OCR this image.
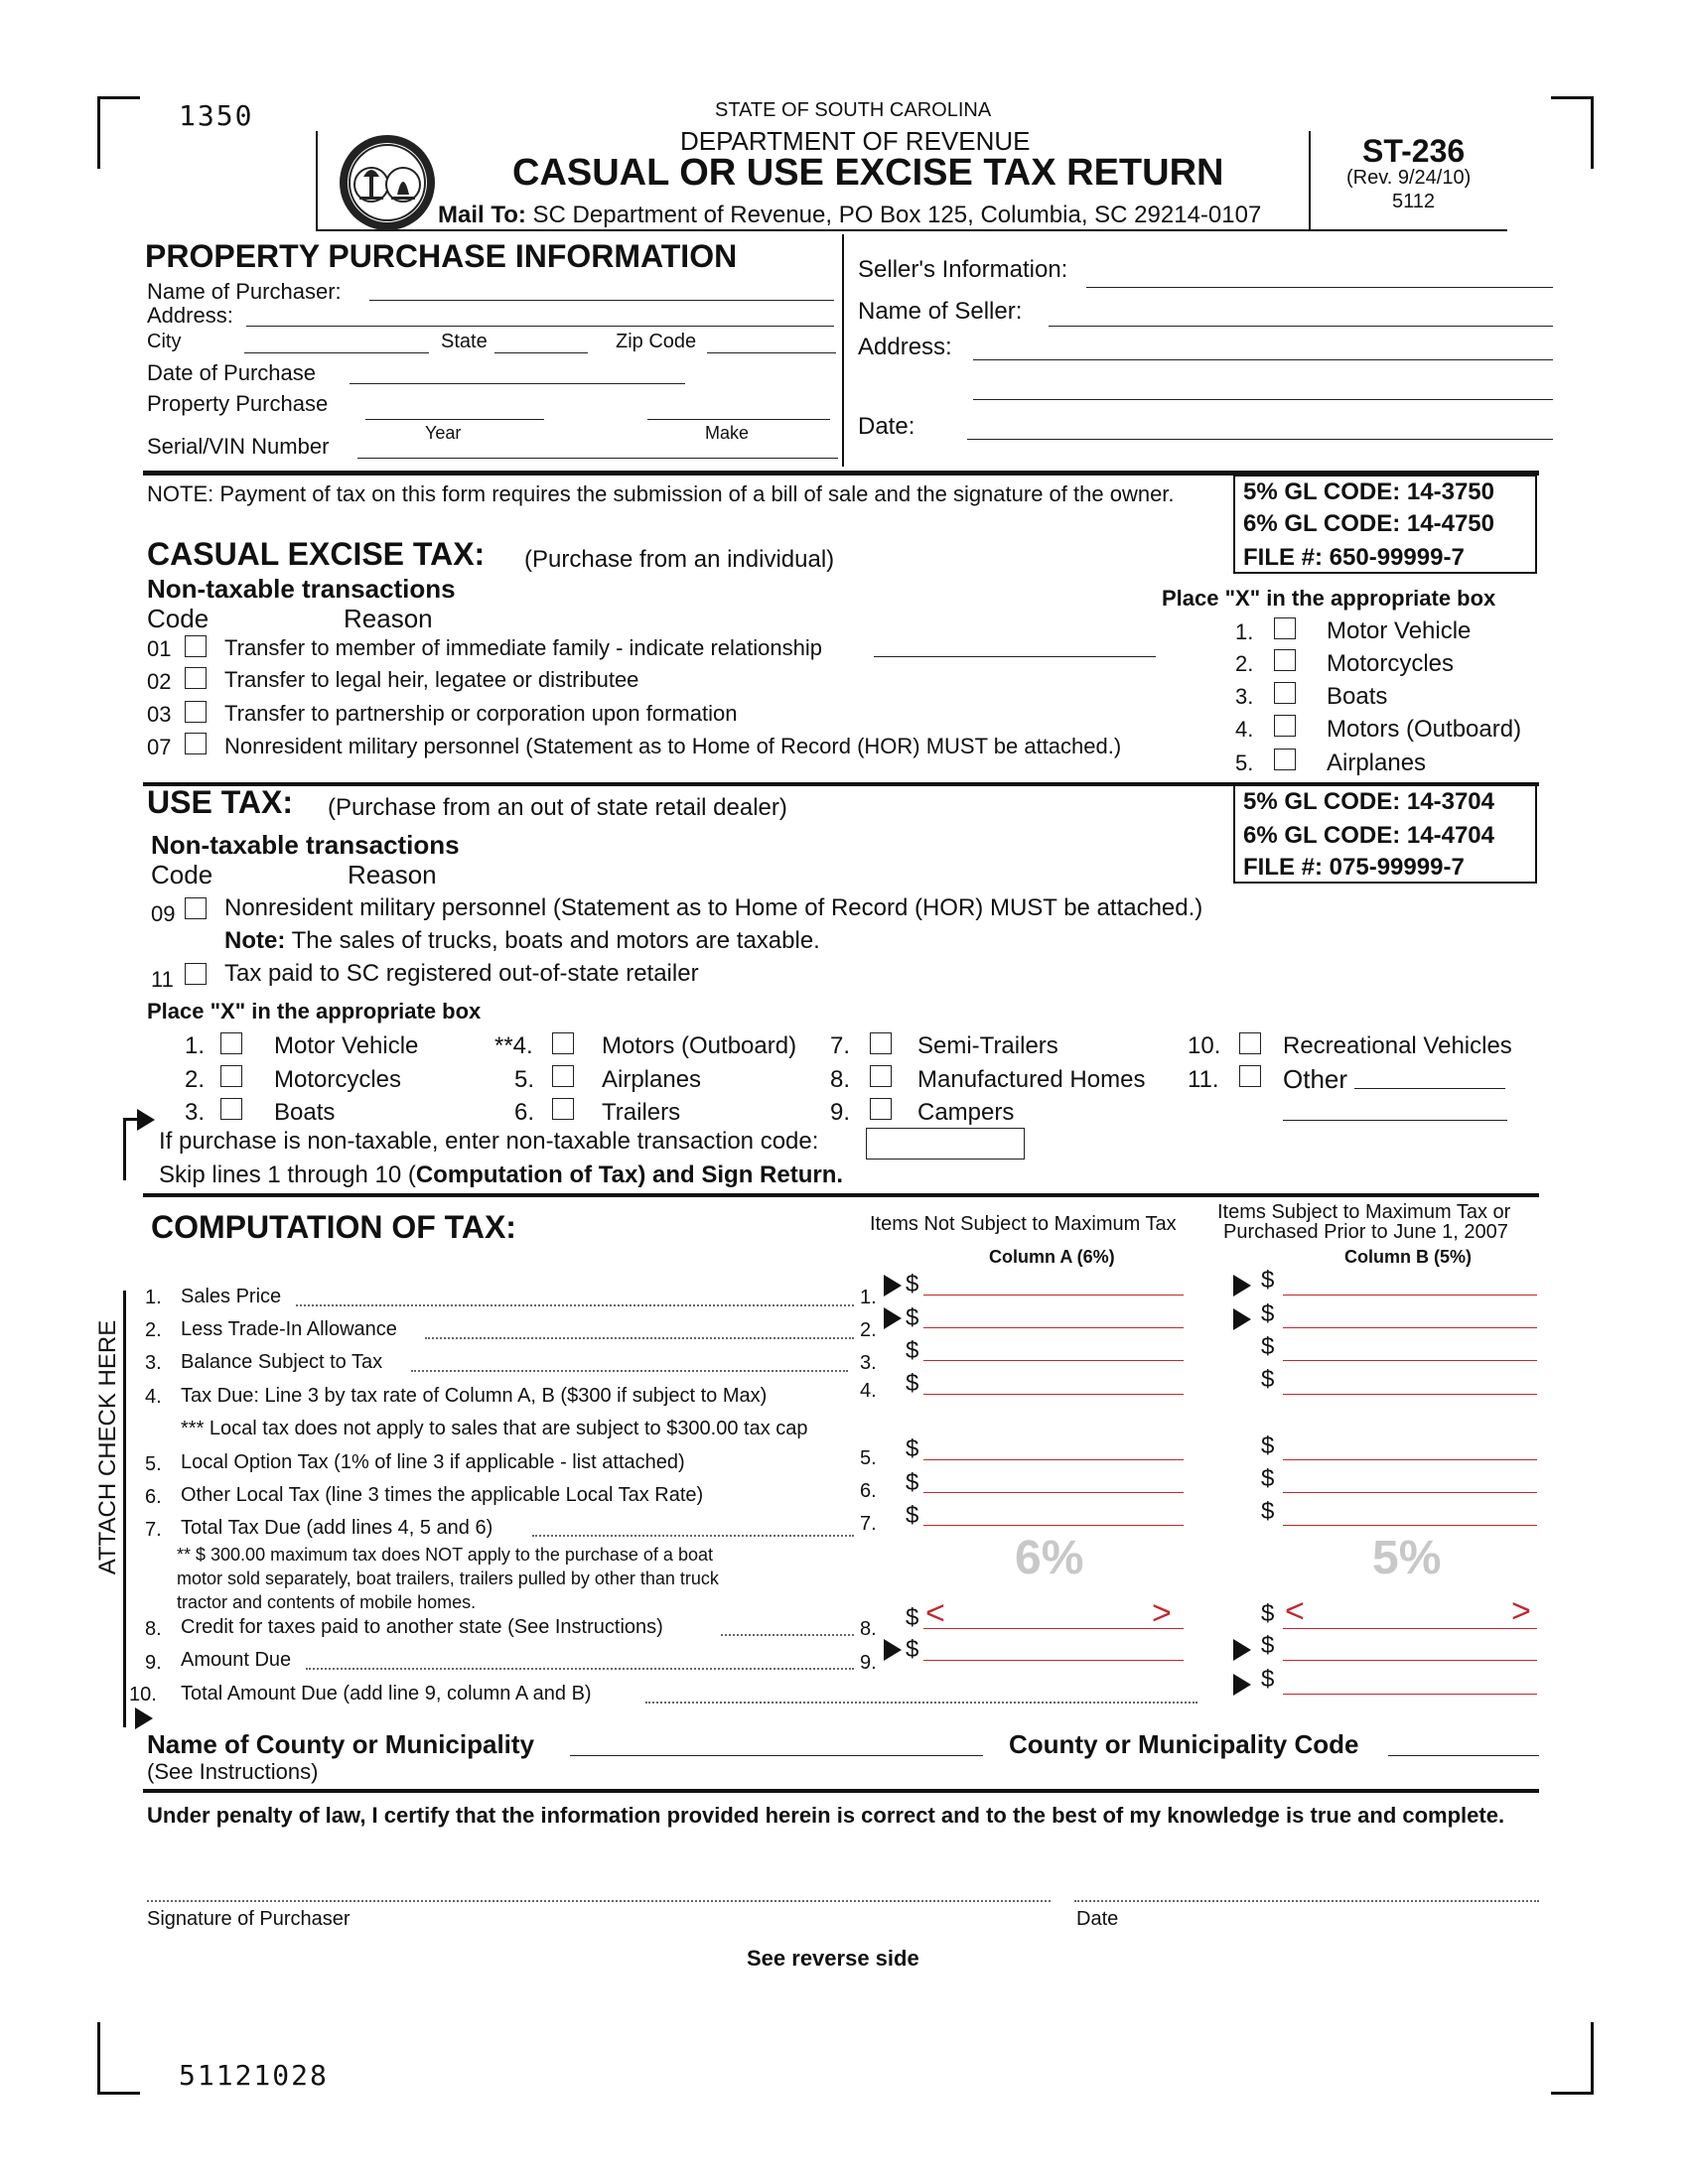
1350	STATE OF SOUTH CAROLINA
DEPARTMENT OF REVENUE
CASUAL OR USE EXCISE TAX RETURN
Mail To: SC Department of Revenue, PO Box 125, Columbia, SC 29214-0107
ST-236
(Rev. 9/24/10)
5112
PROPERTY PURCHASE INFORMATION
Name of Purchaser:
Address:
City	State	Zip Code
Date of Purchase
Property Purchase
Year	Make
Serial/VIN Number
Seller's Information:
Name of Seller:
Address:
Date:
NOTE: Payment of tax on this form requires the submission of a bill of sale and the signature of the owner.	5% GL CODE: 14-3750
6% GL CODE: 14-4750
FILE #: 650-99999-7
CASUAL EXCISE TAX: (Purchase from an individual)
Non-taxable transactions
Code	Reason
01 Transfer to member of immediate family - indicate relationship
02 Transfer to legal heir, legatee or distributee
03 Transfer to partnership or corporation upon formation
07 Nonresident military personnel (Statement as to Home of Record (HOR) MUST be attached.)
Place "X" in the appropriate box
1.	Motor Vehicle
2.	Motorcycles
3.	Boats
4.	Motors (Outboard)
5.	Airplanes
USE TAX: (Purchase from an out of state retail dealer)	5% GL CODE: 14-3704
6% GL CODE: 14-4704
FILE #: 075-99999-7
Non-taxable transactions
Code	Reason
09 Nonresident military personnel (Statement as to Home of Record (HOR) MUST be attached.)
Note: The sales of trucks, boats and motors are taxable.
11 Tax paid to SC registered out-of-state retailer
Place "X" in the appropriate box
1.	Motor Vehicle
2.	Motorcycles
3.	Boats
**4.	Motors (Outboard)
5.	Airplanes
6.	Trailers
7.	Semi-Trailers
8.	Manufactured Homes
9.	Campers
10.	Recreational Vehicles
11. Other
If purchase is non-taxable, enter non-taxable transaction code:
Skip lines 1 through 10 (Computation of Tax) and Sign Return.
COMPUTATION OF TAX:	Items Not Subject to Maximum Tax
Column A (6%)
Items Subject to Maximum Tax or
Purchased Prior to June 1, 2007
Column B (5%)
ATTACH CHECK HERE
1. Sales Price	1. $	$
2. Less Trade-In Allowance	2. $	$
3. Balance Subject to Tax	3. $	$
4. Tax Due: Line 3 by tax rate of Column A, B ($300 if subject to Max)	4. $	$
*** Local tax does not apply to sales that are subject to $300.00 tax cap
5. Local Option Tax (1% of line 3 if applicable - list attached)	5. $	$
6. Other Local Tax (line 3 times the applicable Local Tax Rate)	6. $	$
7. Total Tax Due (add lines 4, 5 and 6)	7. $	$
** $ 300.00 maximum tax does NOT apply to the purchase of a boat
motor sold separately, boat trailers, trailers pulled by other than truck
tractor and contents of mobile homes.
6%	5%
8. Credit for taxes paid to another state (See Instructions)	8. $ <	>	$ <	>
9. Amount Due	9. $	$
10. Total Amount Due (add line 9, column A and B)
$
Name of County or Municipality
(See Instructions)
County or Municipality Code
Under penalty of law, I certify that the information provided herein is correct and to the best of my knowledge is true and complete.
Signature of Purchaser	Date
See reverse side
51121028
